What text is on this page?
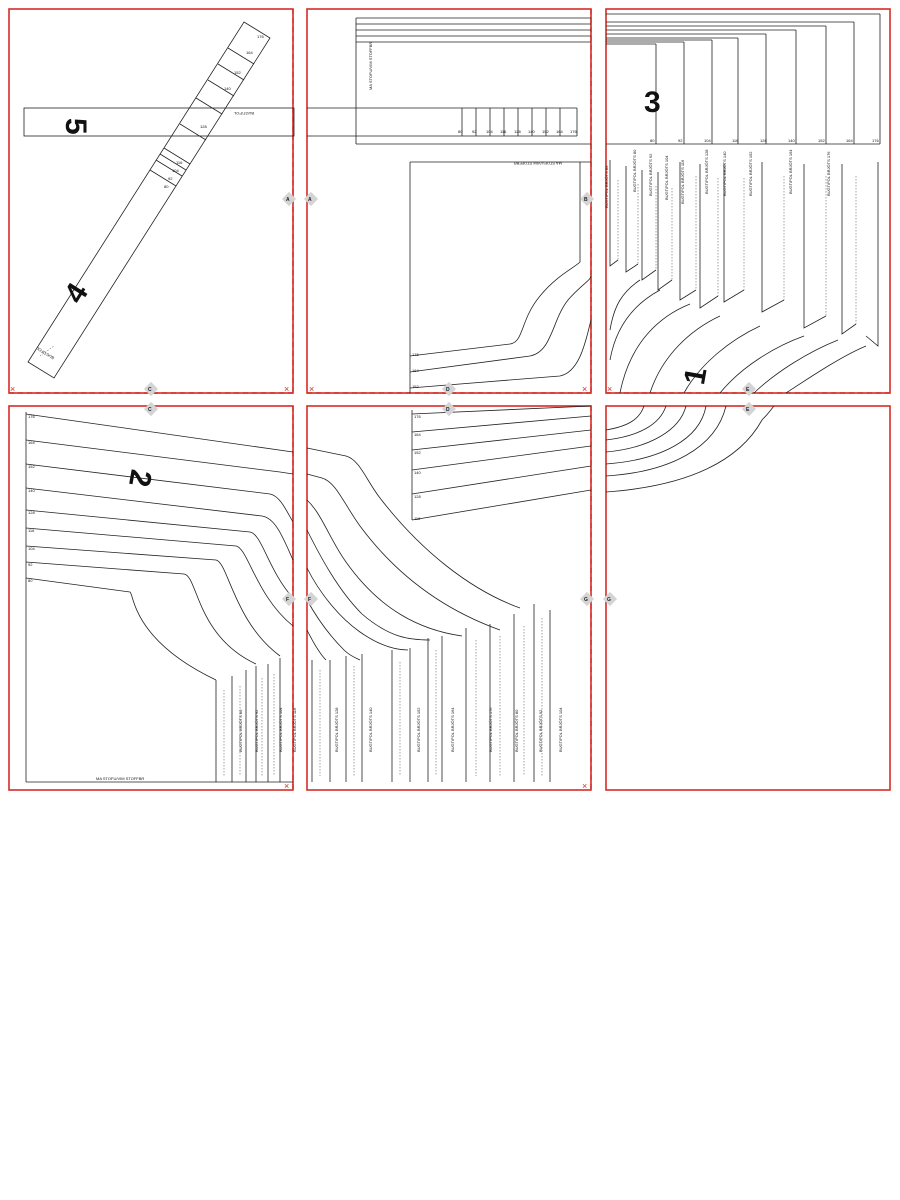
×	× ×	× ×
×	×
BUGT/FOL
5
176
164
152
140
128
116
104
92
80
BUGT/FOL
4
80 92 104 116 128 140 152 164 176
MA STOFU/VIM STOFFBR
MA STOFU/VIM STOFFBR
BUGT/FOL BRJÓTS 80
176
164
152
3
80	92	104	116	128	140	152	164	176
BUGT/FOL BRJÓTS 80	BUGT/FOL BRJÓTS 92	BUGT/FOL BRJÓTS 104	BUGT/FOL BRJÓTS 116	BUGT/FOL BRJÓTS 128	BUGT/FOL BRJÓTS 140	BUGT/FOL BRJÓTS 152	BUGT/FOL BRJÓTS 164	BUGT/FOL BRJÓTS 176
1
MA STOFU/VIM STOFFBR
176
164
152
140
128
116
104
92
80
2
BUGT/FOL BRJÓTS 80	BUGT/FOL BRJÓTS 92	BUGT/FOL BRJÓTS 104 BUGT/FOL BRJÓTS 116
176
164
152
140
128
116
BUGT/FOL BRJÓTS 128	BUGT/FOL BRJÓTS 140	BUGT/FOL BRJÓTS 152	BUGT/FOL BRJÓTS 164	BUGT/FOL BRJÓTS 176	BUGT/FOL BRJÓTS 80	BUGT/FOL BRJÓTS 92	BUGT/FOL BRJÓTS 104
A	A	B
C
C
D
D
E
E
F	F	G	G
